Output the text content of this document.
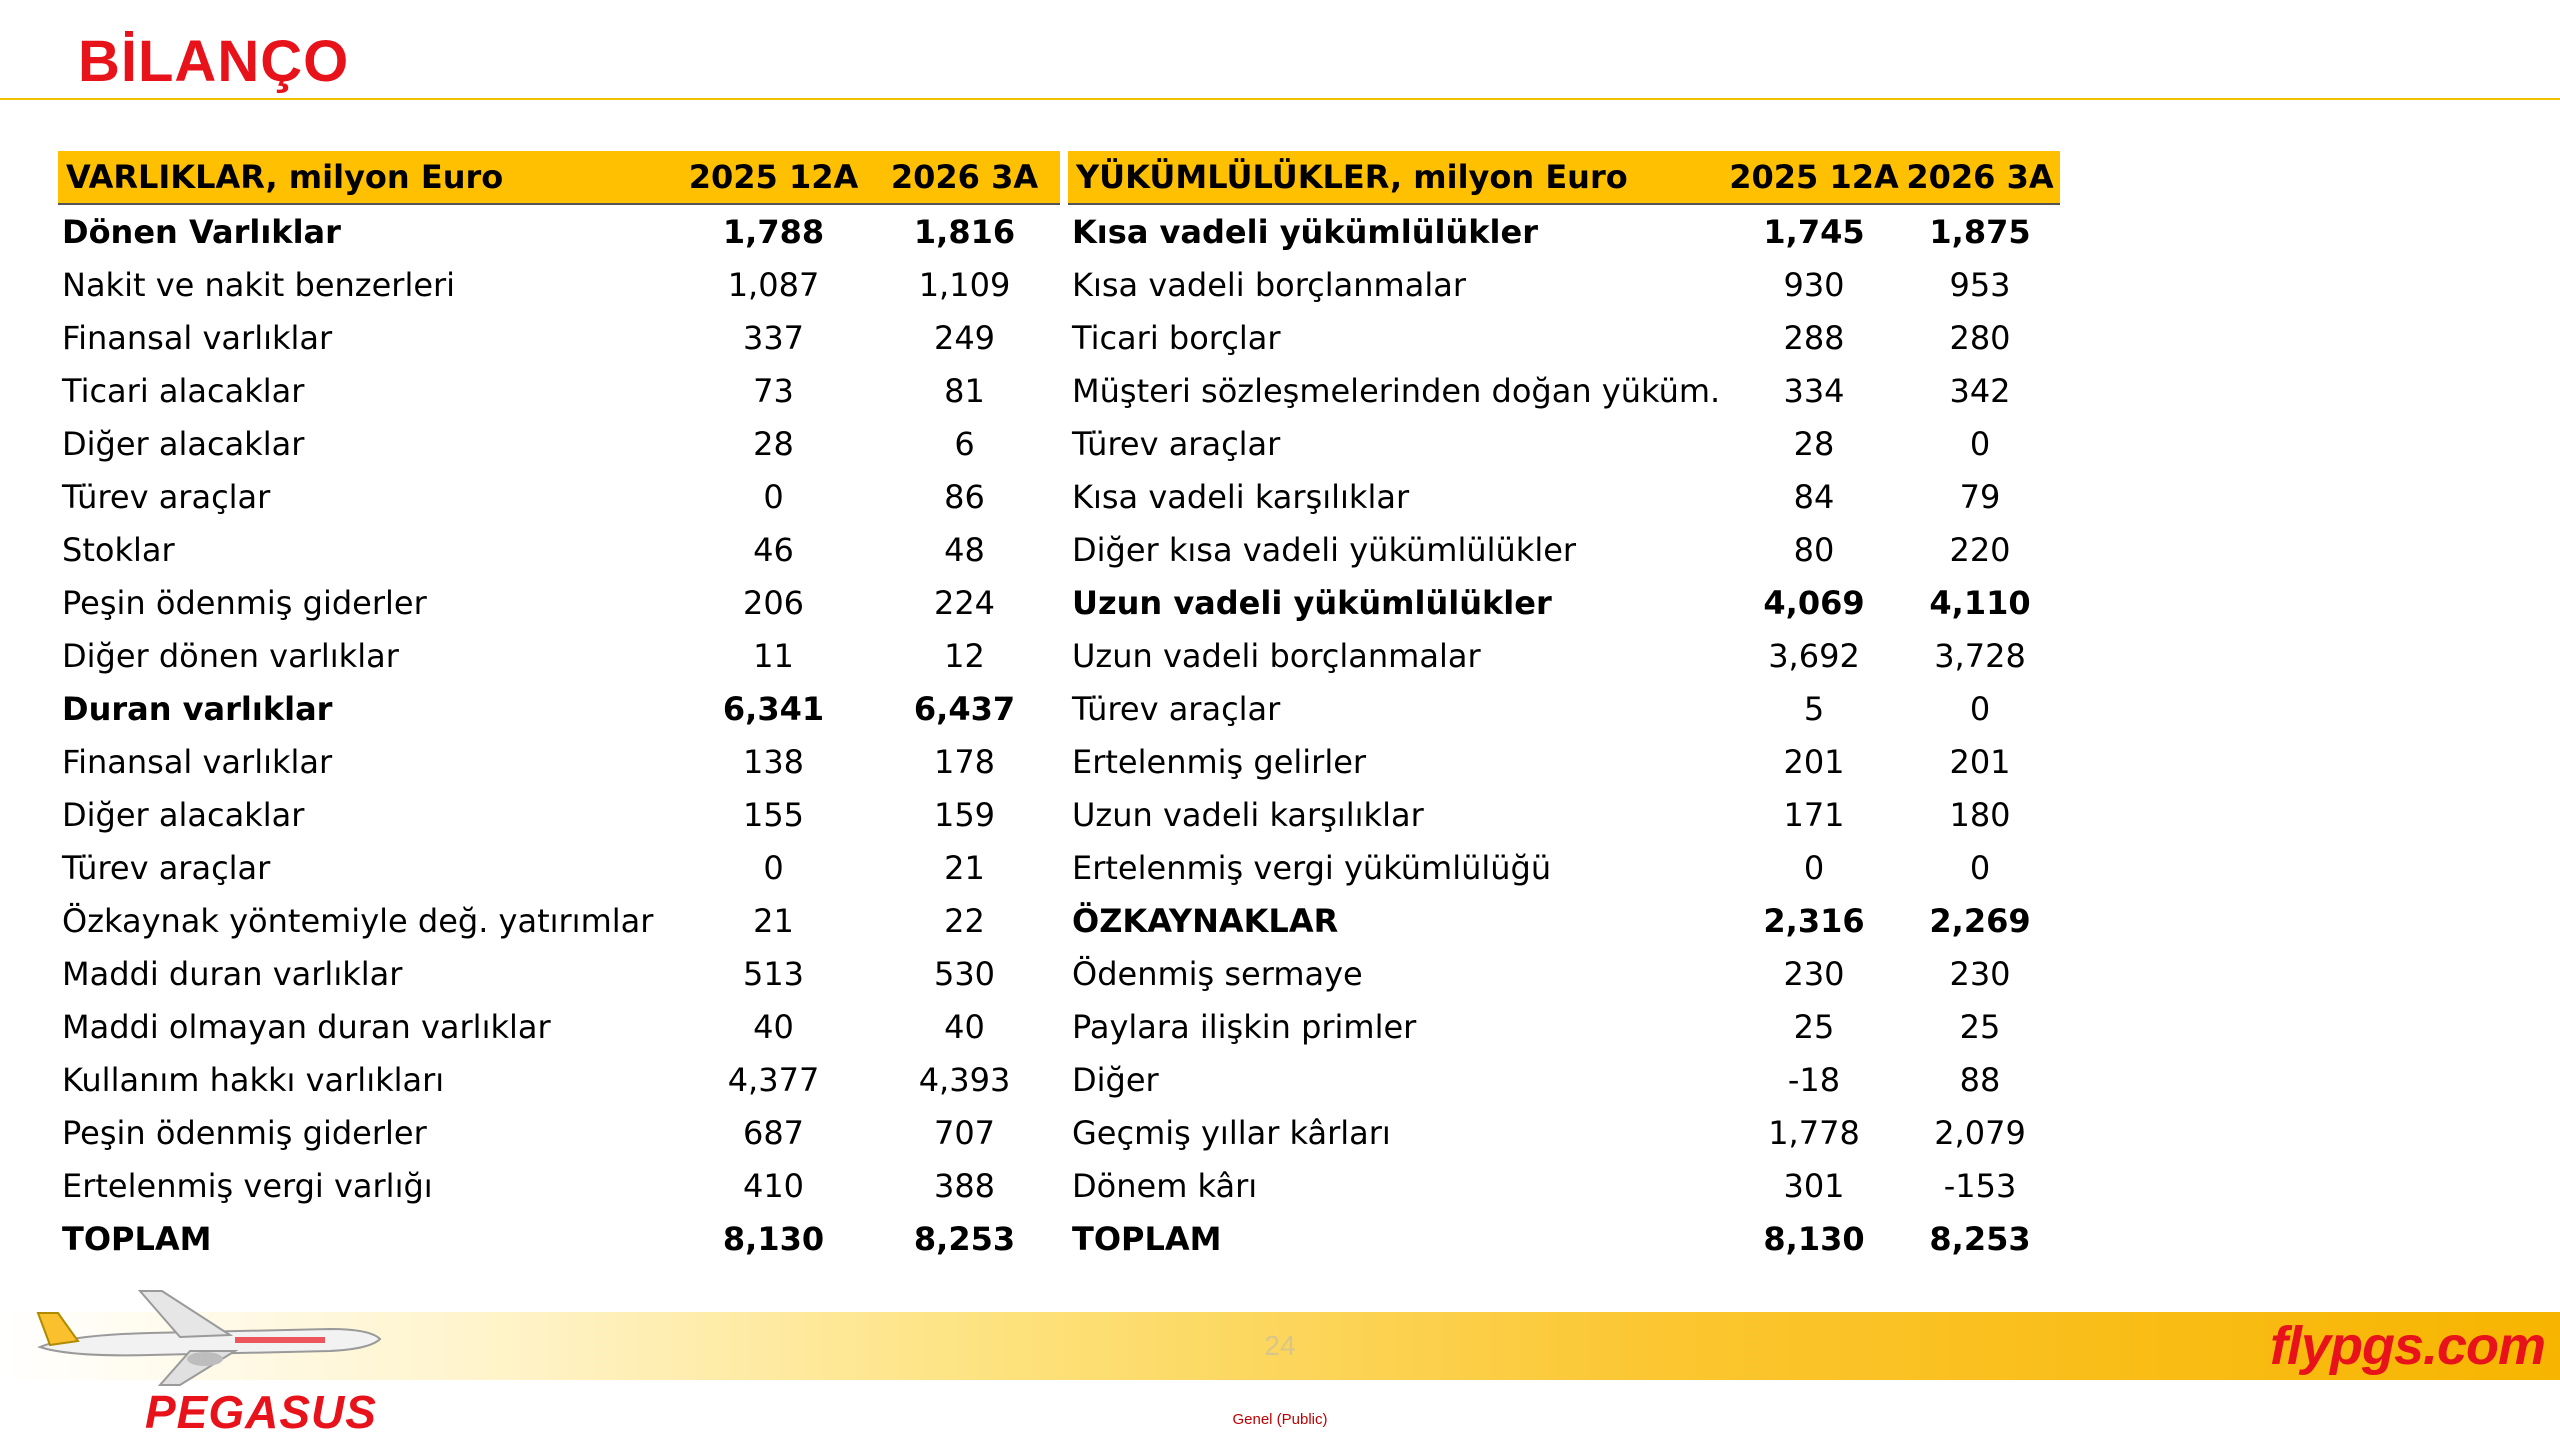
BİLANÇO
VARLIKLAR, milyon Euro	2025 12A	2026 3A
Dönen Varlıklar	1,788	1,816
Nakit ve nakit benzerleri	1,087	1,109
Finansal varlıklar	337	249
Ticari alacaklar	73	81
Diğer alacaklar	28	6
Türev araçlar	0	86
Stoklar	46	48
Peşin ödenmiş giderler	206	224
Diğer dönen varlıklar	11	12
Duran varlıklar	6,341	6,437
Finansal varlıklar	138	178
Diğer alacaklar	155	159
Türev araçlar	0	21
Özkaynak yöntemiyle değ. yatırımlar	21	22
Maddi duran varlıklar	513	530
Maddi olmayan duran varlıklar	40	40
Kullanım hakkı varlıkları	4,377	4,393
Peşin ödenmiş giderler	687	707
Ertelenmiş vergi varlığı	410	388
TOPLAM	8,130	8,253
YÜKÜMLÜLÜKLER, milyon Euro	2025 12A	2026 3A
Kısa vadeli yükümlülükler	1,745	1,875
Kısa vadeli borçlanmalar	930	953
Ticari borçlar	288	280
Müşteri sözleşmelerinden doğan yüküm.	334	342
Türev araçlar	28	0
Kısa vadeli karşılıklar	84	79
Diğer kısa vadeli yükümlülükler	80	220
Uzun vadeli yükümlülükler	4,069	4,110
Uzun vadeli borçlanmalar	3,692	3,728
Türev araçlar	5	0
Ertelenmiş gelirler	201	201
Uzun vadeli karşılıklar	171	180
Ertelenmiş vergi yükümlülüğü	0	0
ÖZKAYNAKLAR	2,316	2,269
Ödenmiş sermaye	230	230
Paylara ilişkin primler	25	25
Diğer	-18	88
Geçmiş yıllar kârları	1,778	2,079
Dönem kârı	301	-153
TOPLAM	8,130	8,253
24	flypgs.com
PEGASUS	Genel (Public)
